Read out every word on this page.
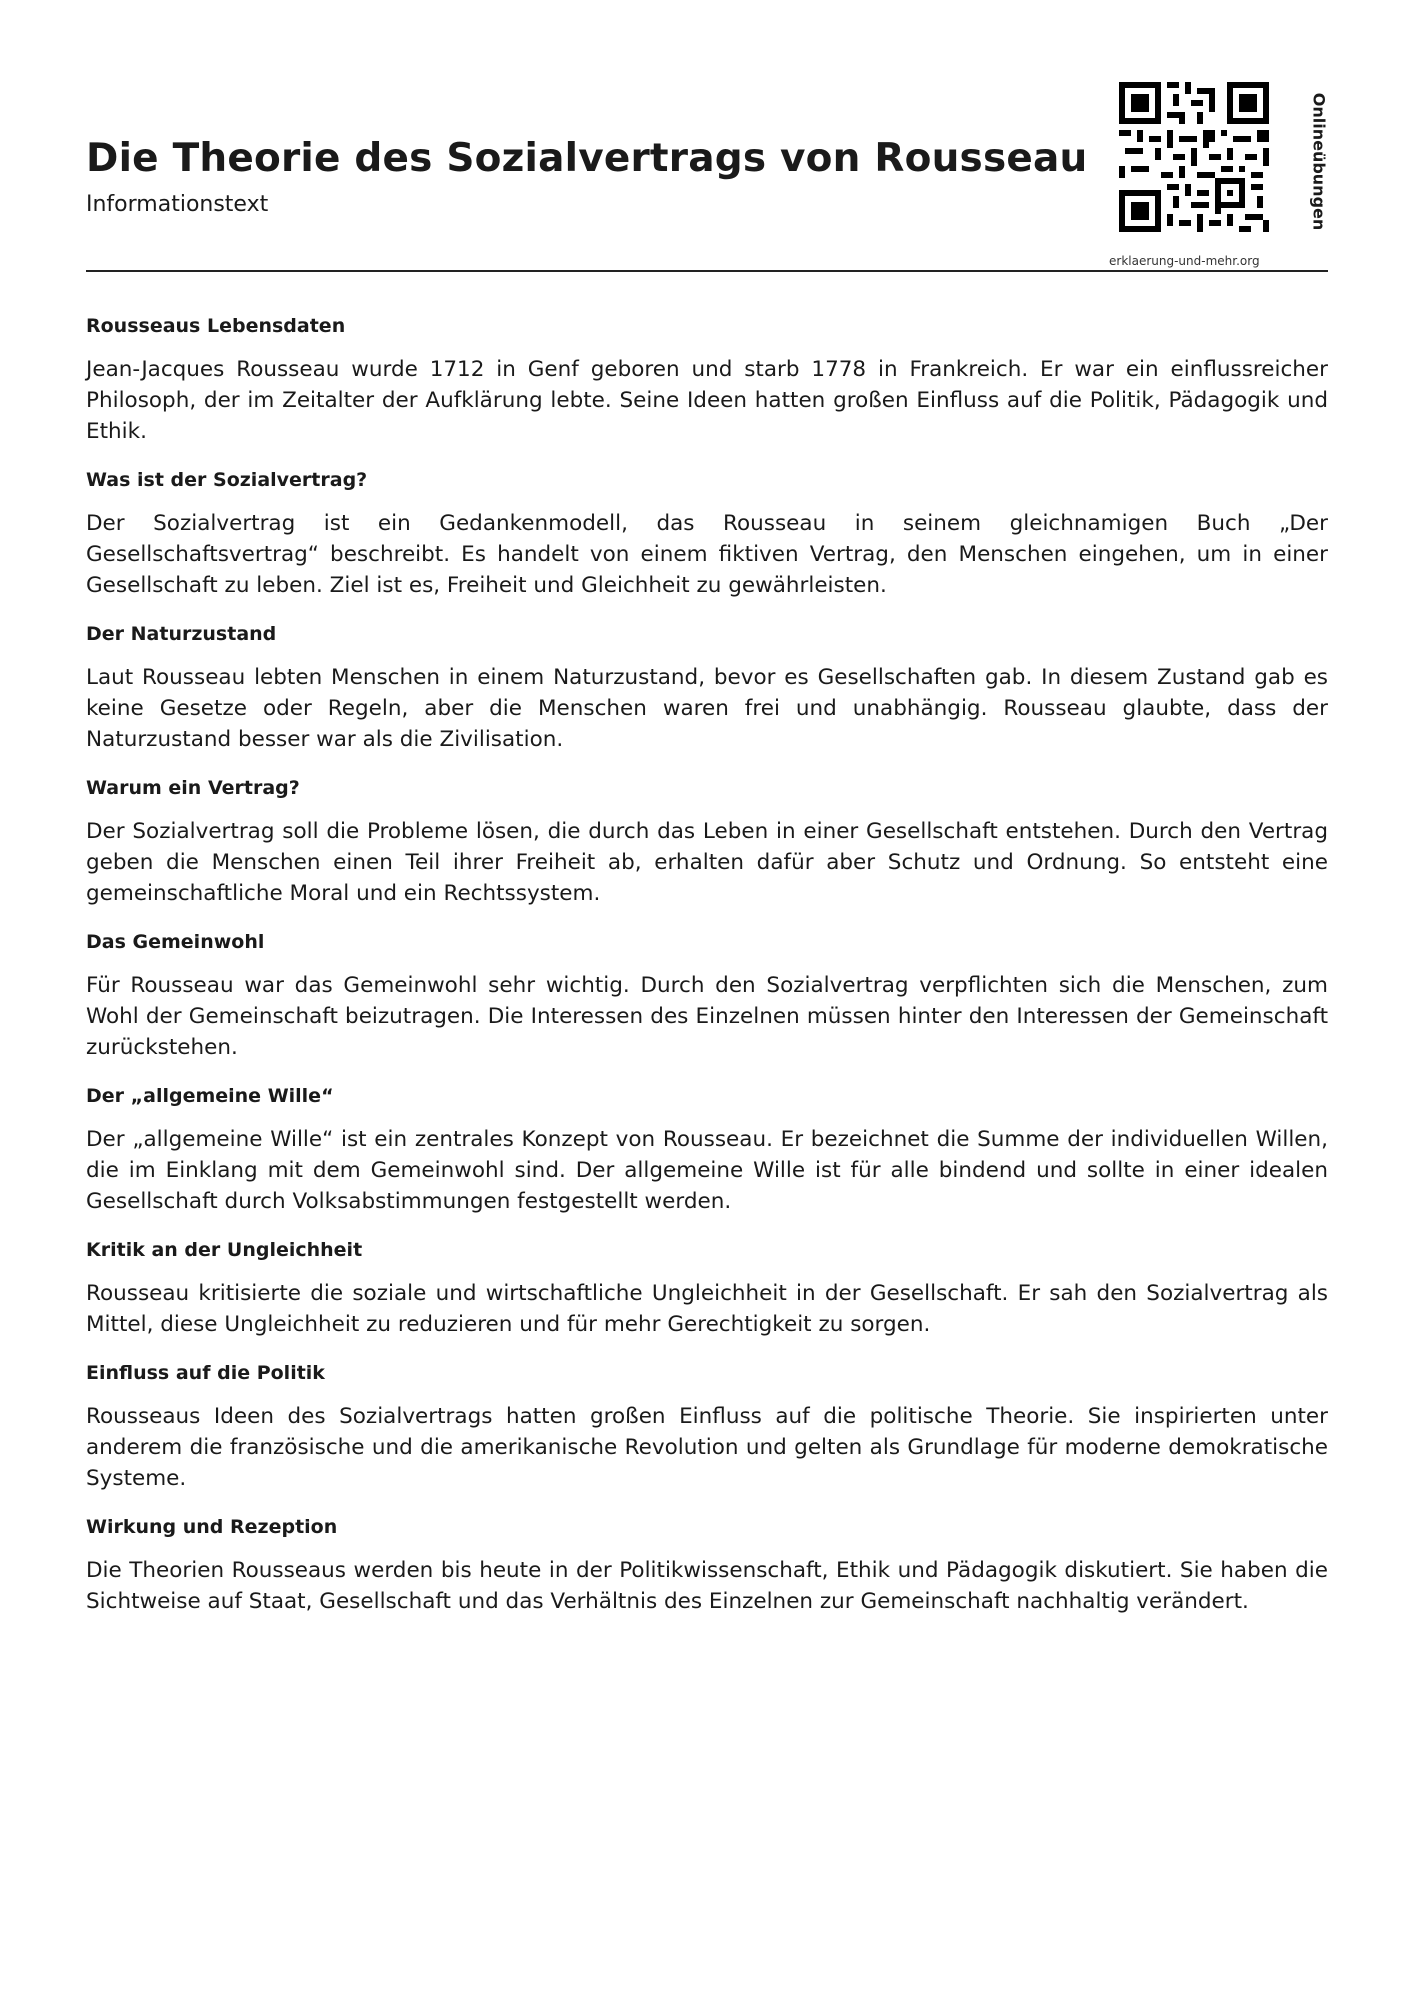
Die Theorie des Sozialvertrags von Rousseau
Informationstext	Onlineübungen
erklaerung-und-mehr.org
Rousseaus Lebensdaten

Jean-Jacques Rousseau wurde 1712 in Genf geboren und starb 1778 in Frankreich. Er war ein einflussreicher Philosoph, der im Zeitalter der Aufklärung lebte. Seine Ideen hatten großen Einfluss auf die Politik, Pädagogik und Ethik.

Was ist der Sozialvertrag?

Der Sozialvertrag ist ein Gedankenmodell, das Rousseau in seinem gleichnamigen Buch „Der Gesellschaftsvertrag“ beschreibt. Es handelt von einem fiktiven Vertrag, den Menschen eingehen, um in einer Gesellschaft zu leben. Ziel ist es, Freiheit und Gleichheit zu gewährleisten.

Der Naturzustand

Laut Rousseau lebten Menschen in einem Naturzustand, bevor es Gesellschaften gab. In diesem Zustand gab es keine Gesetze oder Regeln, aber die Menschen waren frei und unabhängig. Rousseau glaubte, dass der Naturzustand besser war als die Zivilisation.

Warum ein Vertrag?

Der Sozialvertrag soll die Probleme lösen, die durch das Leben in einer Gesellschaft entstehen. Durch den Vertrag geben die Menschen einen Teil ihrer Freiheit ab, erhalten dafür aber Schutz und Ordnung. So entsteht eine gemeinschaftliche Moral und ein Rechtssystem.

Das Gemeinwohl

Für Rousseau war das Gemeinwohl sehr wichtig. Durch den Sozialvertrag verpflichten sich die Menschen, zum Wohl der Gemeinschaft beizutragen. Die Interessen des Einzelnen müssen hinter den Interessen der Gemeinschaft zurückstehen.

Der „allgemeine Wille“

Der „allgemeine Wille“ ist ein zentrales Konzept von Rousseau. Er bezeichnet die Summe der individuellen Willen, die im Einklang mit dem Gemeinwohl sind. Der allgemeine Wille ist für alle bindend und sollte in einer idealen Gesellschaft durch Volksabstimmungen festgestellt werden.

Kritik an der Ungleichheit

Rousseau kritisierte die soziale und wirtschaftliche Ungleichheit in der Gesellschaft. Er sah den Sozialvertrag als Mittel, diese Ungleichheit zu reduzieren und für mehr Gerechtigkeit zu sorgen.

Einfluss auf die Politik

Rousseaus Ideen des Sozialvertrags hatten großen Einfluss auf die politische Theorie. Sie inspirierten unter anderem die französische und die amerikanische Revolution und gelten als Grundlage für moderne demokratische Systeme.

Wirkung und Rezeption

Die Theorien Rousseaus werden bis heute in der Politikwissenschaft, Ethik und Pädagogik diskutiert. Sie haben die Sichtweise auf Staat, Gesellschaft und das Verhältnis des Einzelnen zur Gemeinschaft nachhaltig verändert.
